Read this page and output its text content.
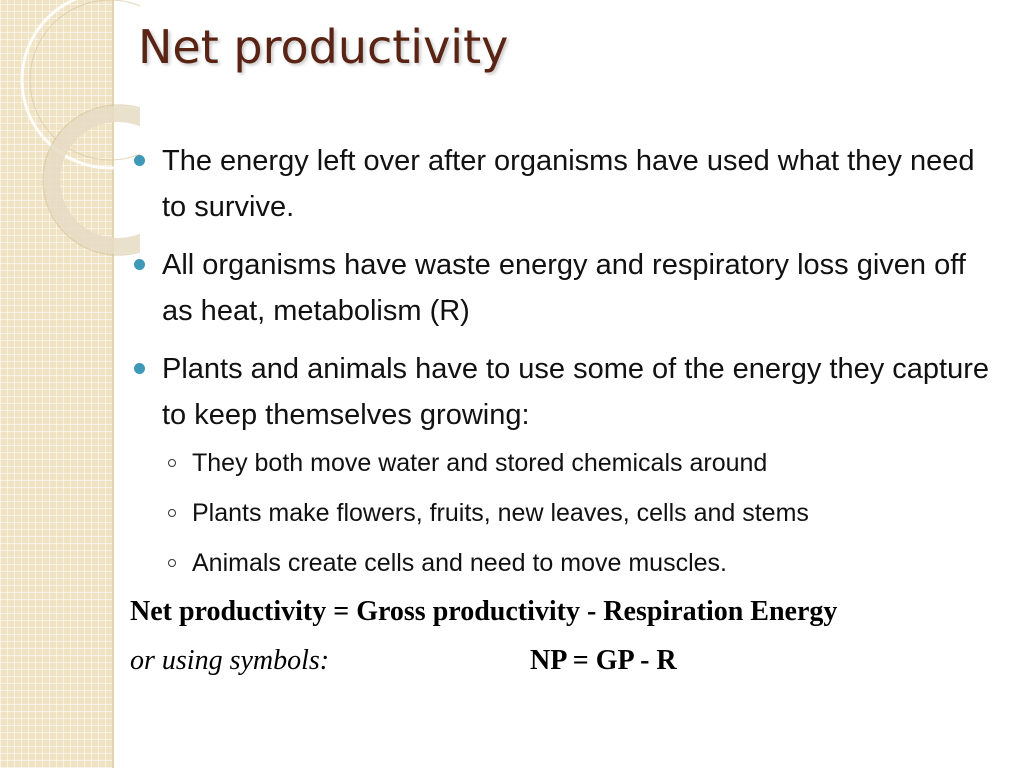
Net productivity
The energy left over after organisms have used what they need to survive.
All organisms have waste energy and respiratory loss given off as heat, metabolism (R)
Plants and animals have to use some of the energy they capture to keep themselves growing:
They both move water and stored chemicals around
Plants make flowers, fruits, new leaves, cells and stems
Animals create cells and need to move muscles.

Net productivity = Gross productivity - Respiration Energy

or using symbols:	NP = GP - R
